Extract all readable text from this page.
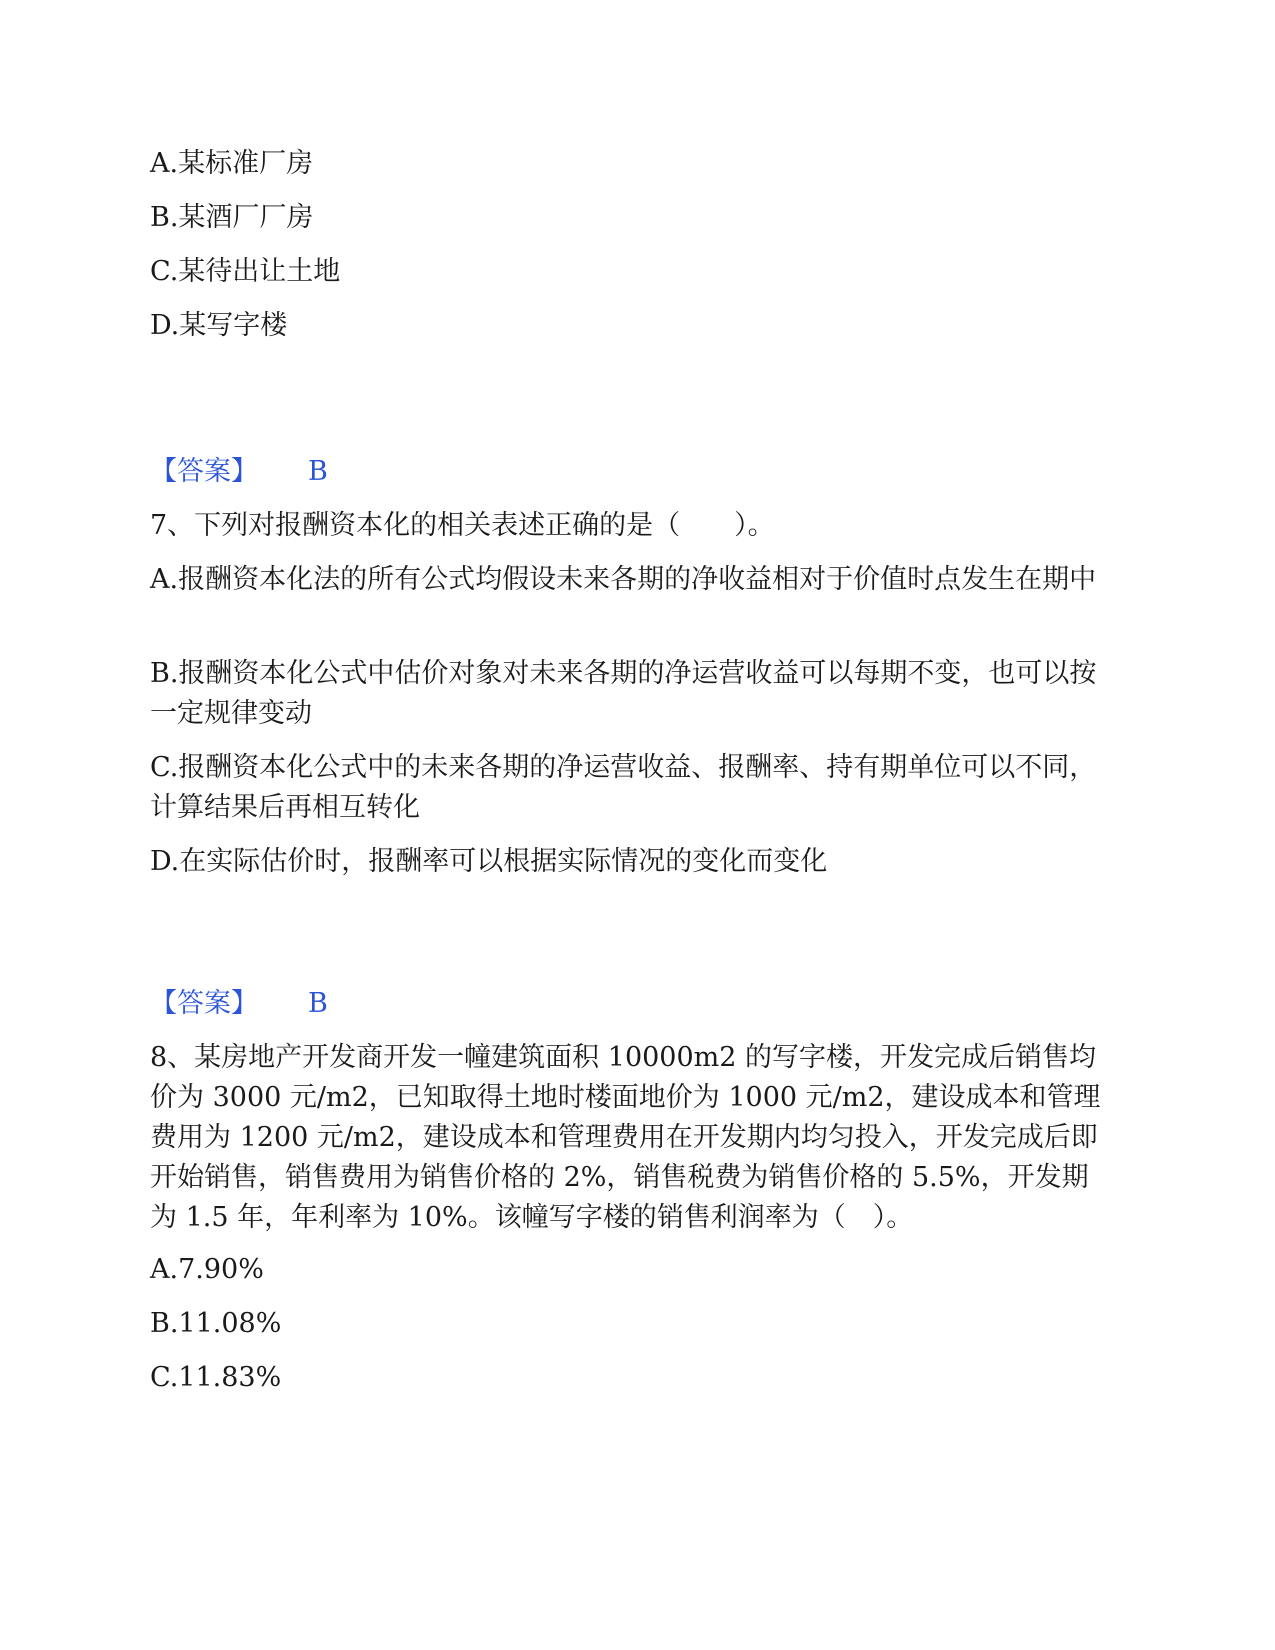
A.某标准厂房
B.某酒厂厂房
C.某待出让土地
D.某写字楼
【答案】 B
7、下列对报酬资本化的相关表述正确的是（　　）。
A.报酬资本化法的所有公式均假设未来各期的净收益相对于价值时点发生在期中
B.报酬资本化公式中估价对象对未来各期的净运营收益可以每期不变，也可以按一定规律变动
C.报酬资本化公式中的未来各期的净运营收益、报酬率、持有期单位可以不同，计算结果后再相互转化
D.在实际估价时，报酬率可以根据实际情况的变化而变化
【答案】 B
8、某房地产开发商开发一幢建筑面积 10000m2 的写字楼，开发完成后销售均价为 3000 元/m2，已知取得土地时楼面地价为 1000 元/m2，建设成本和管理费用为 1200 元/m2，建设成本和管理费用在开发期内均匀投入，开发完成后即开始销售，销售费用为销售价格的 2%，销售税费为销售价格的 5.5%，开发期为 1.5 年，年利率为 10%。该幢写字楼的销售利润率为（　）。
A.7.90%
B.11.08%
C.11.83%
